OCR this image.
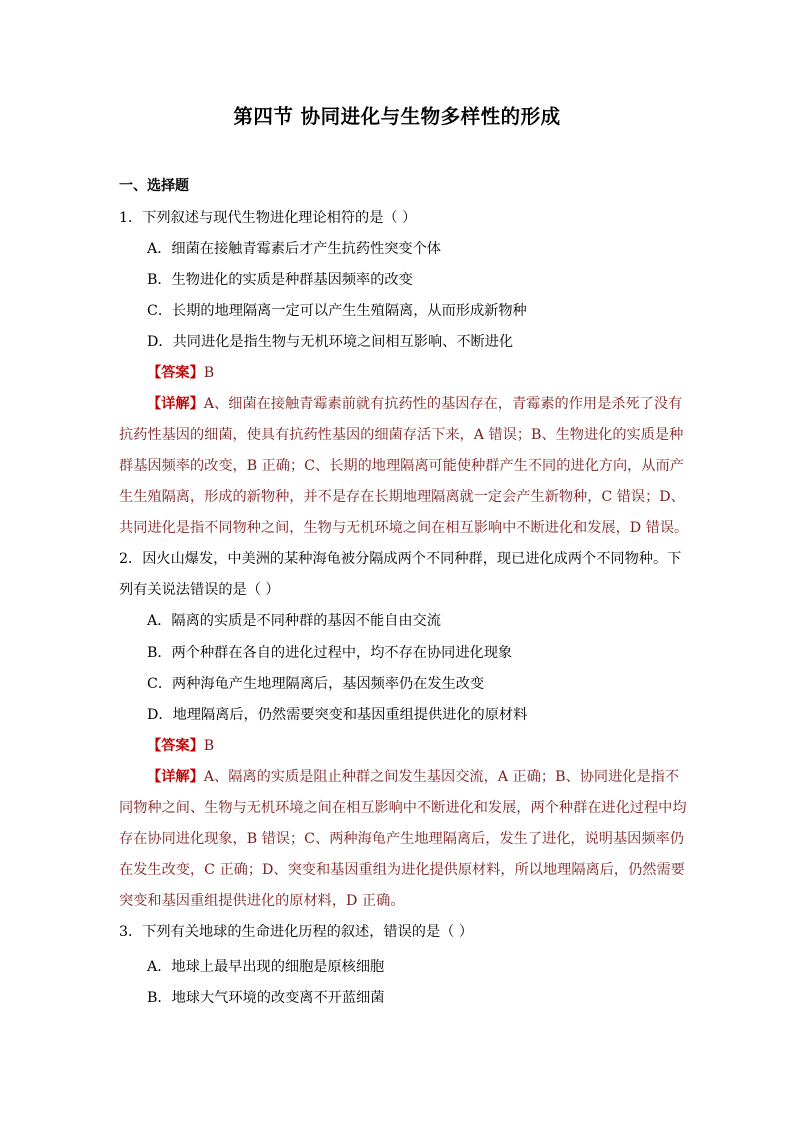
第四节 协同进化与生物多样性的形成
一、选择题
1．下列叙述与现代生物进化理论相符的是（ ）
A．细菌在接触青霉素后才产生抗药性突变个体
B．生物进化的实质是种群基因频率的改变
C．长期的地理隔离一定可以产生生殖隔离，从而形成新物种
D．共同进化是指生物与无机环境之间相互影响、不断进化
【答案】B
【详解】A、细菌在接触青霉素前就有抗药性的基因存在，青霉素的作用是杀死了没有
抗药性基因的细菌，使具有抗药性基因的细菌存活下来，A 错误；B、生物进化的实质是种
群基因频率的改变，B 正确；C、长期的地理隔离可能使种群产生不同的进化方向，从而产
生生殖隔离，形成的新物种，并不是存在长期地理隔离就一定会产生新物种，C 错误；D、
共同进化是指不同物种之间，生物与无机环境之间在相互影响中不断进化和发展，D 错误。
2．因火山爆发，中美洲的某种海龟被分隔成两个不同种群，现已进化成两个不同物种。下
列有关说法错误的是（ ）
A．隔离的实质是不同种群的基因不能自由交流
B．两个种群在各自的进化过程中，均不存在协同进化现象
C．两种海龟产生地理隔离后，基因频率仍在发生改变
D．地理隔离后，仍然需要突变和基因重组提供进化的原材料
【答案】B
【详解】A、隔离的实质是阻止种群之间发生基因交流，A 正确；B、协同进化是指不
同物种之间、生物与无机环境之间在相互影响中不断进化和发展，两个种群在进化过程中均
存在协同进化现象，B 错误；C、两种海龟产生地理隔离后，发生了进化，说明基因频率仍
在发生改变，C 正确；D、突变和基因重组为进化提供原材料，所以地理隔离后，仍然需要
突变和基因重组提供进化的原材料，D 正确。
3．下列有关地球的生命进化历程的叙述，错误的是（ ）
A．地球上最早出现的细胞是原核细胞
B．地球大气环境的改变离不开蓝细菌
